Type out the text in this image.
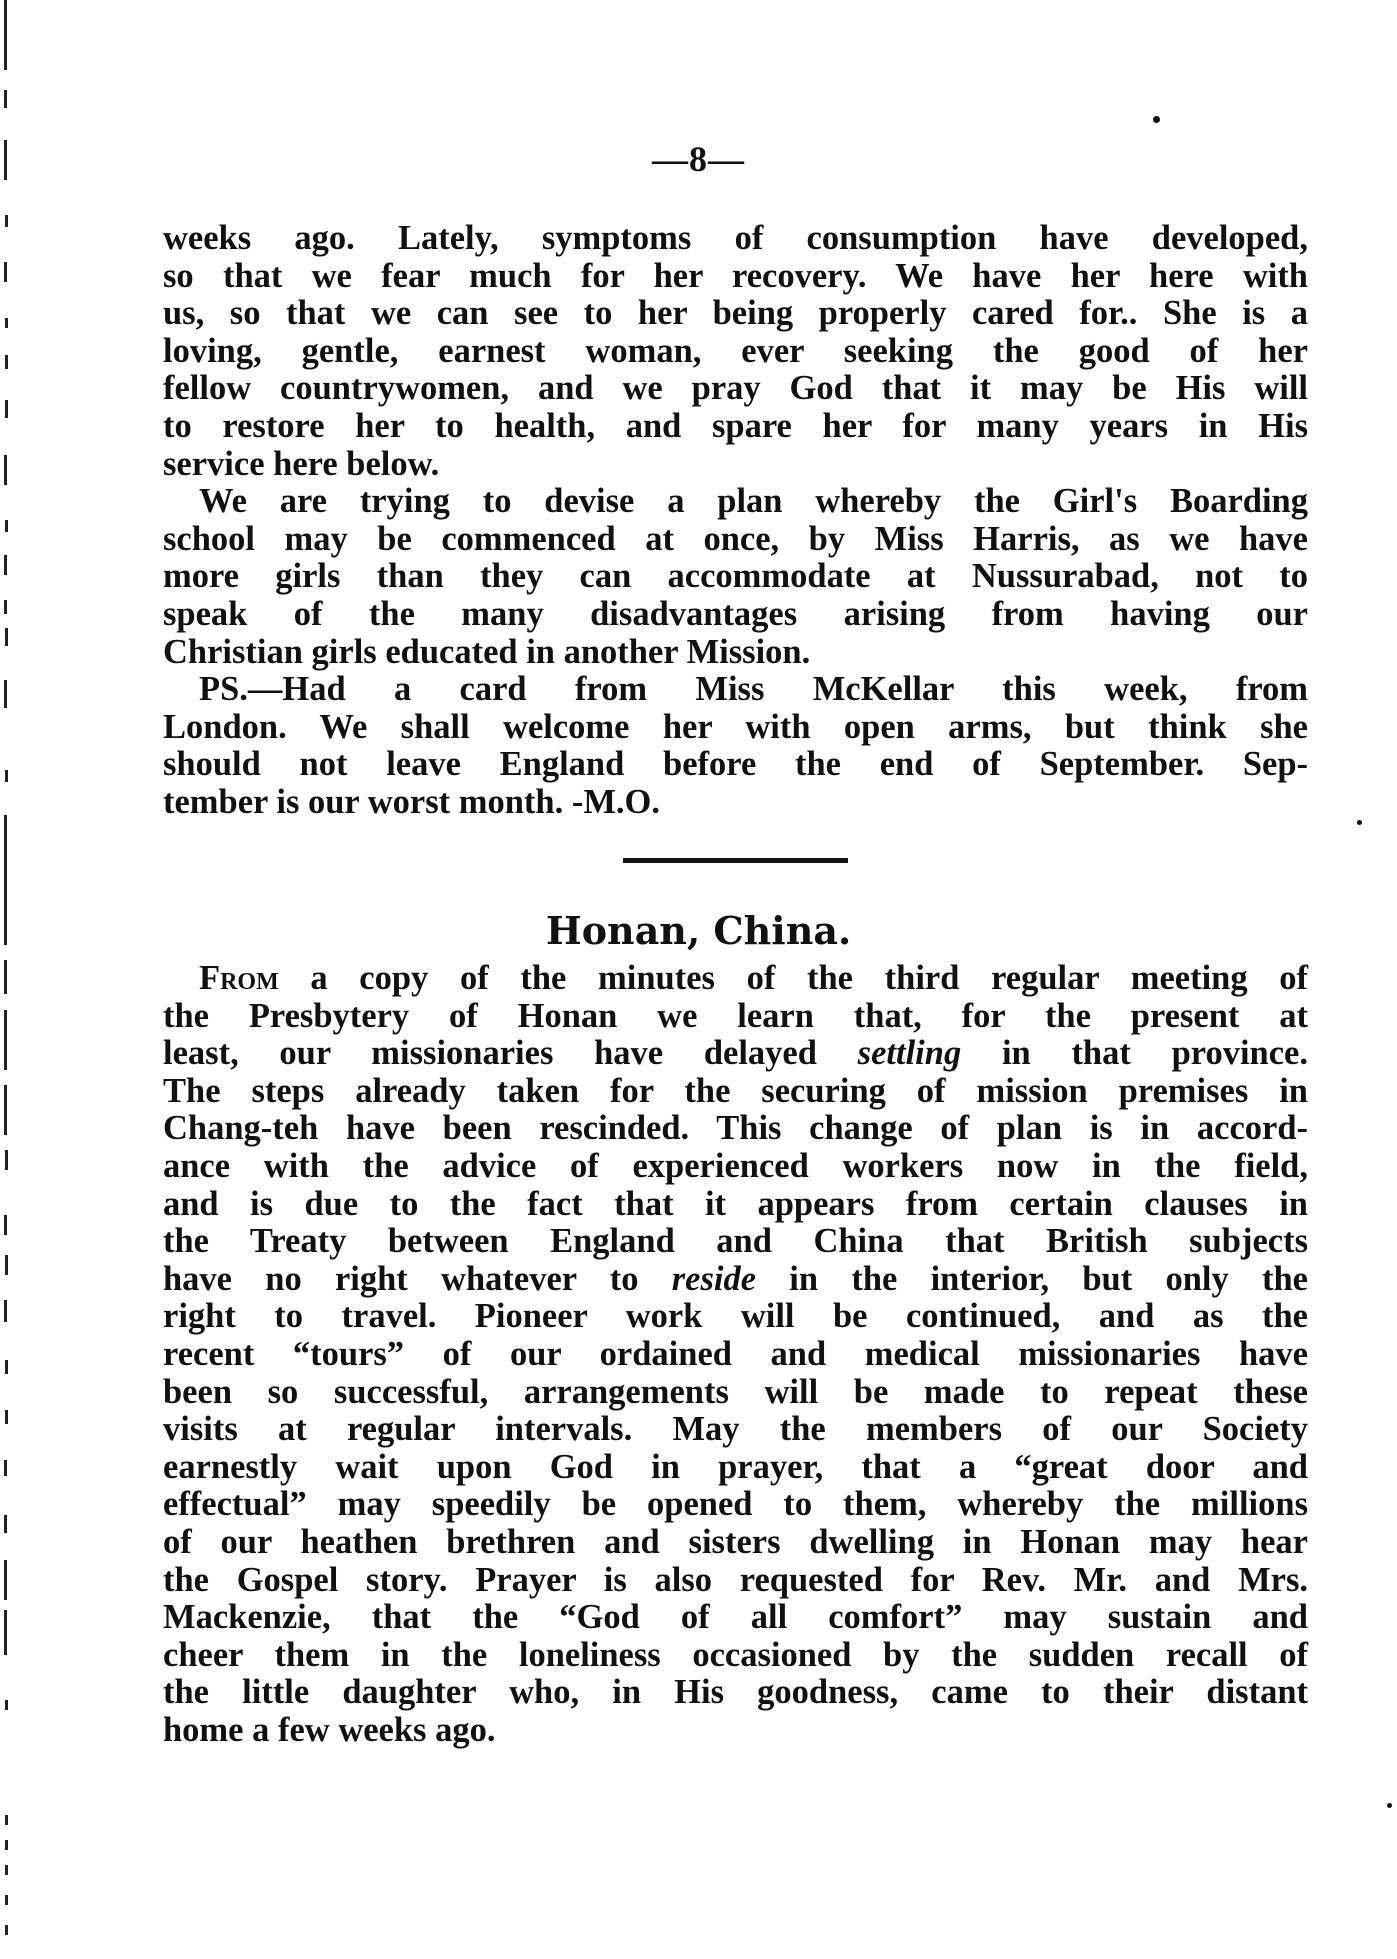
—8—

weeks ago. Lately, symptoms of consumption have developed,
so that we fear much for her recovery. We have her here with
us, so that we can see to her being properly cared for.. She is a
loving, gentle, earnest woman, ever seeking the good of her
fellow countrywomen, and we pray God that it may be His will
to restore her to health, and spare her for many years in His
service here below.

We are trying to devise a plan whereby the Girl's Boarding
school may be commenced at once, by Miss Harris, as we have
more girls than they can accommodate at Nussurabad, not to
speak of the many disadvantages arising from having our
Christian girls educated in another Mission.

PS.—Had a card from Miss McKellar this week, from
London. We shall welcome her with open arms, but think she
should not leave England before the end of September. Sep-
tember is our worst month. -M.O.

Honan, China.

From a copy of the minutes of the third regular meeting of
the Presbytery of Honan we learn that, for the present at
least, our missionaries have delayed settling in that province.
The steps already taken for the securing of mission premises in
Chang-teh have been rescinded. This change of plan is in accord-
ance with the advice of experienced workers now in the field,
and is due to the fact that it appears from certain clauses in
the Treaty between England and China that British subjects
have no right whatever to reside in the interior, but only the
right to travel. Pioneer work will be continued, and as the
recent “tours” of our ordained and medical missionaries have
been so successful, arrangements will be made to repeat these
visits at regular intervals. May the members of our Society
earnestly wait upon God in prayer, that a “great door and
effectual” may speedily be opened to them, whereby the millions
of our heathen brethren and sisters dwelling in Honan may hear
the Gospel story. Prayer is also requested for Rev. Mr. and Mrs.
Mackenzie, that the “God of all comfort” may sustain and
cheer them in the loneliness occasioned by the sudden recall of
the little daughter who, in His goodness, came to their distant
home a few weeks ago.
